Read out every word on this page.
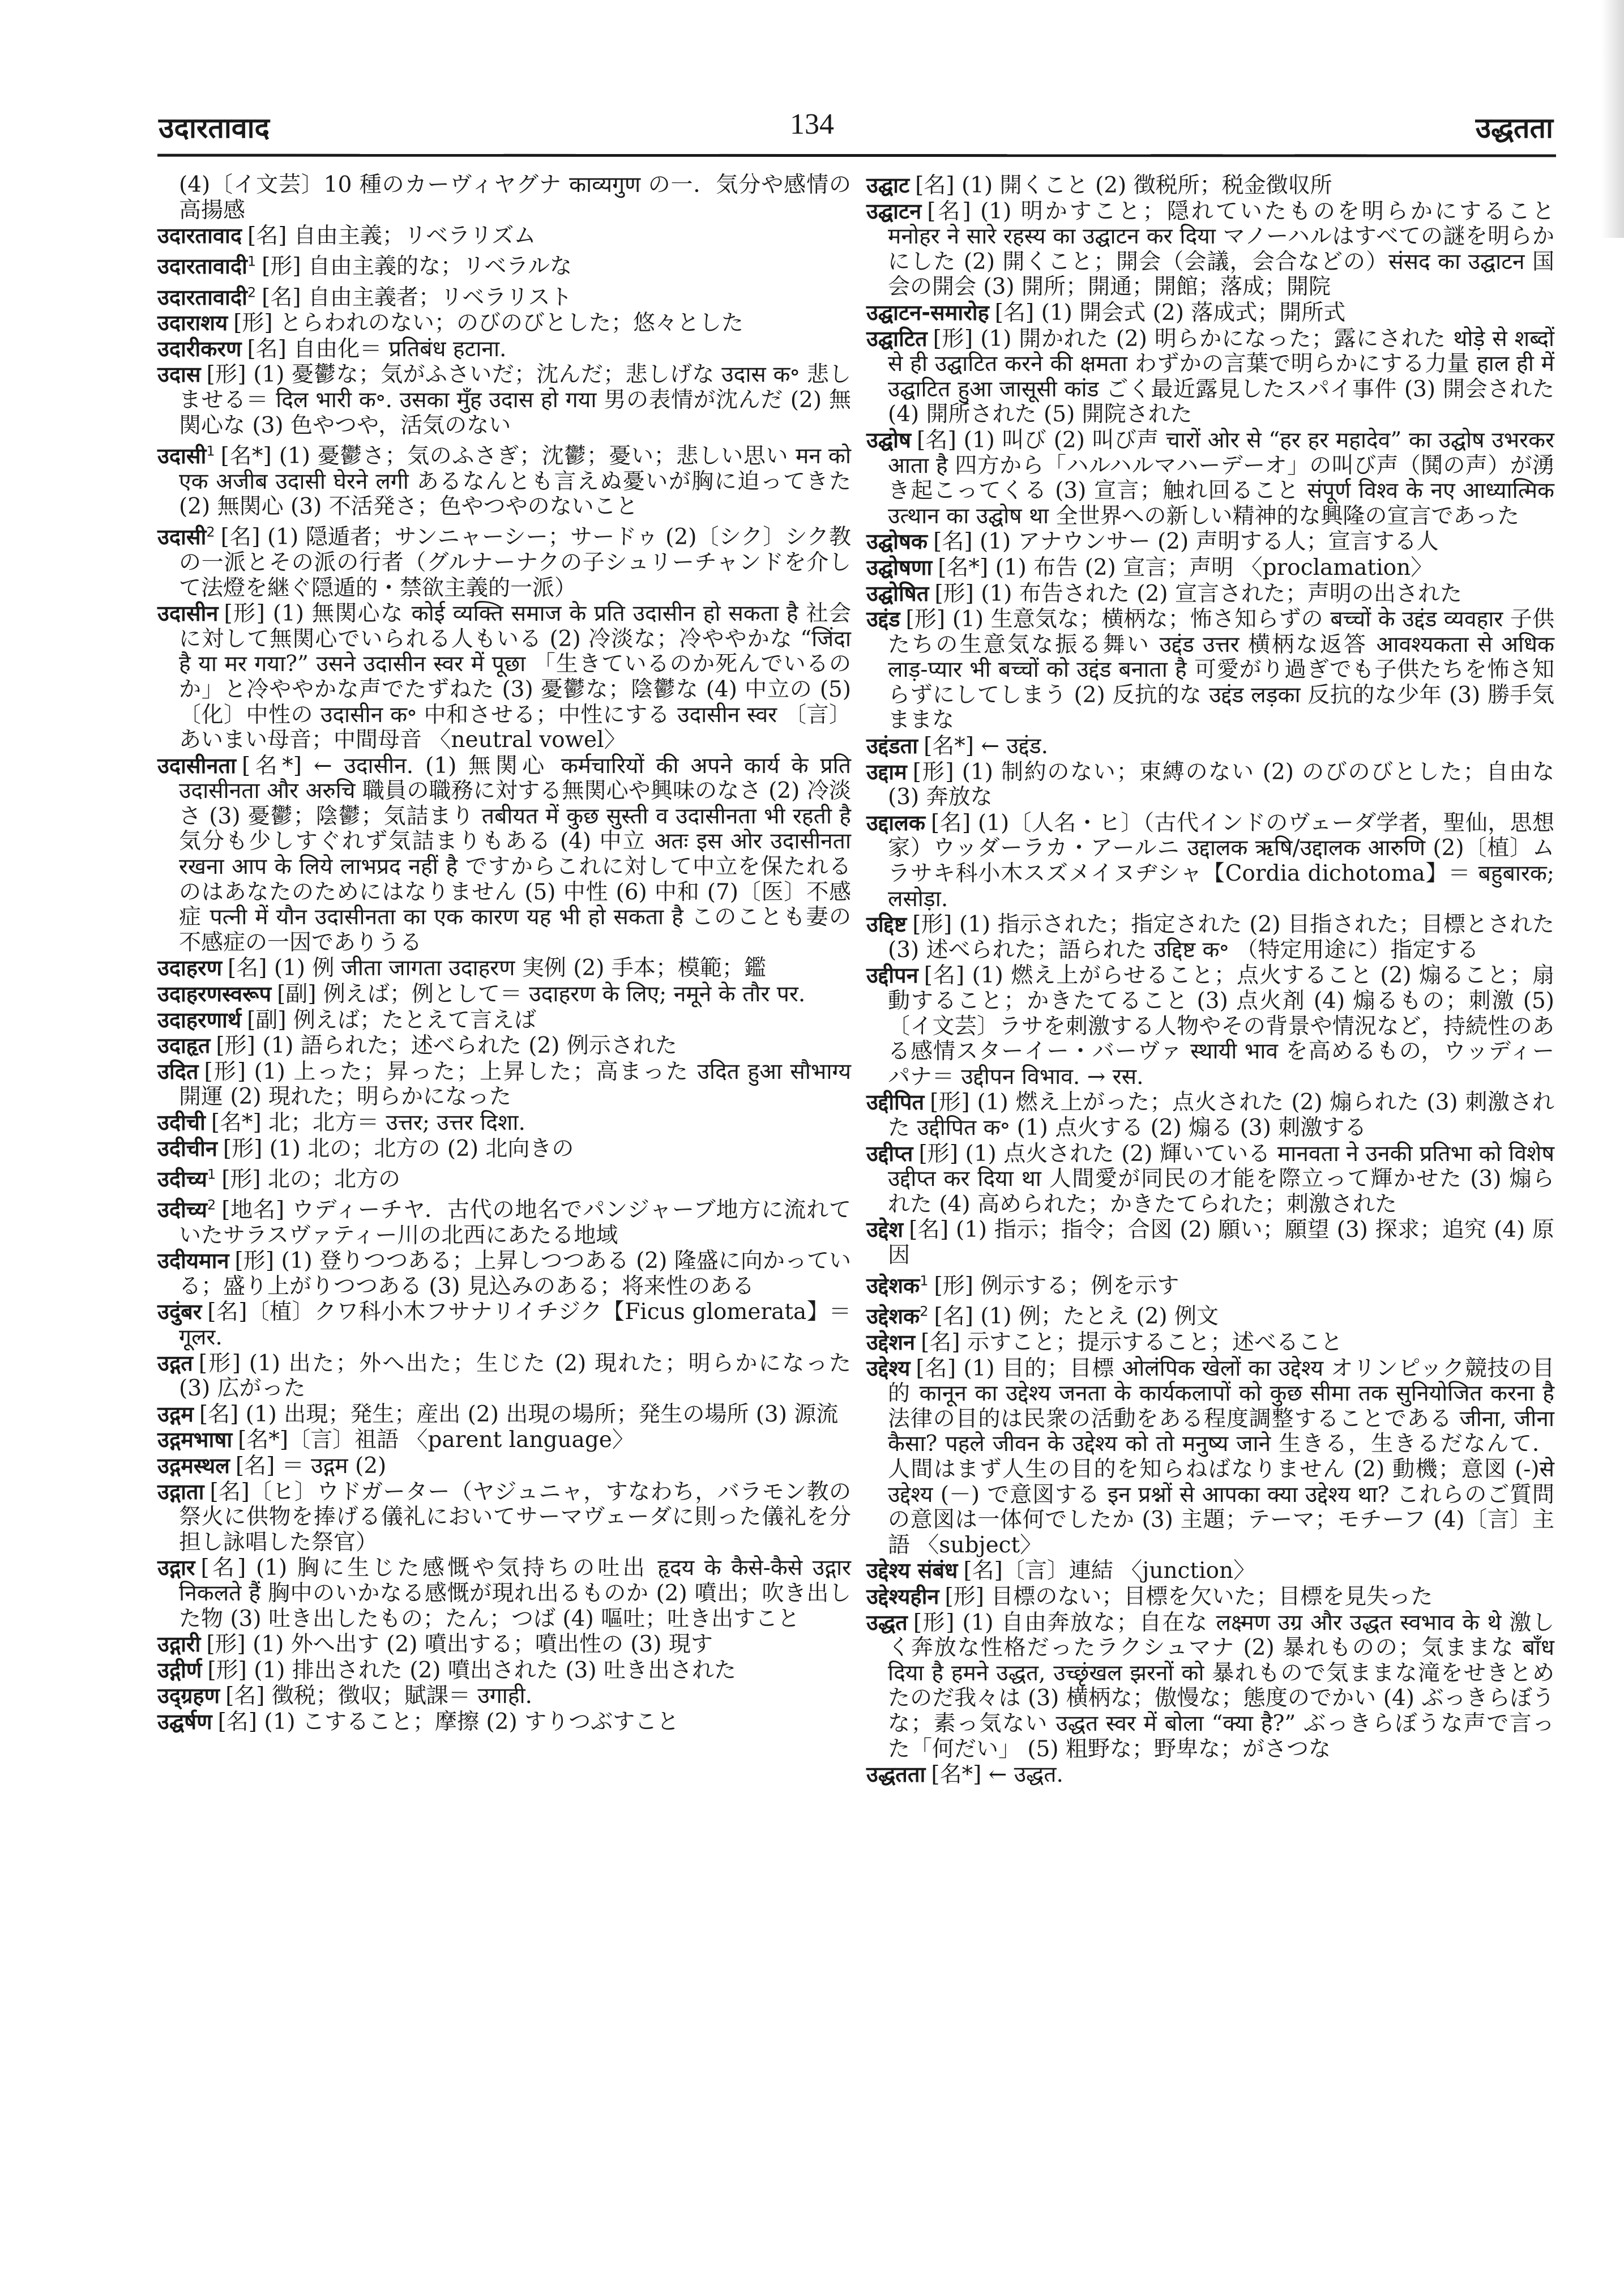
उदारतावाद	134	उद्धतता
(4)〔イ文芸〕10 種のカーヴィヤグナ काव्यगुण の一．気分や感情の高揚感
उदारतावाद [名] 自由主義；リベラリズム
उदारतावादी$^1$ [形] 自由主義的な；リベラルな
उदारतावादी$^2$ [名] 自由主義者；リベラリスト
उदाराशय [形] とらわれのない；のびのびとした；悠々とした
उदारीकरण [名] 自由化＝ प्रतिबंध हटाना.
उदास [形] (1) 憂鬱な；気がふさいだ；沈んだ；悲しげな उदास क॰ 悲しませる＝ दिल भारी क॰. उसका मुँह उदास हो गया 男の表情が沈んだ (2) 無関心な (3) 色やつや，活気のない
उदासी$^1$ [名*] (1) 憂鬱さ；気のふさぎ；沈鬱；憂い；悲しい思い मन को एक अजीब उदासी घेरने लगी あるなんとも言えぬ憂いが胸に迫ってきた (2) 無関心 (3) 不活発さ；色やつやのないこと
उदासी$^2$ [名] (1) 隠遁者；サンニャーシー；サードゥ (2)〔シク〕シク教の一派とその派の行者（グルナーナクの子シュリーチャンドを介して法燈を継ぐ隠遁的・禁欲主義的一派）
उदासीन [形] (1) 無関心な कोई व्यक्ति समाज के प्रति उदासीन हो सकता है 社会に対して無関心でいられる人もいる (2) 冷淡な；冷ややかな “जिंदा है या मर गया?” उसने उदासीन स्वर में पूछा 「生きているのか死んでいるのか」と冷ややかな声でたずねた (3) 憂鬱な；陰鬱な (4) 中立の (5)〔化〕中性の उदासीन क॰ 中和させる；中性にする उदासीन स्वर 〔言〕あいまい母音；中間母音 〈neutral vowel〉
उदासीनता [名*] ← उदासीन. (1) 無関心 कर्मचारियों की अपने कार्य के प्रति उदासीनता और अरुचि 職員の職務に対する無関心や興味のなさ (2) 冷淡さ (3) 憂鬱；陰鬱；気詰まり तबीयत में कुछ सुस्ती व उदासीनता भी रहती है 気分も少しすぐれず気詰まりもある (4) 中立 अतः इस ओर उदासीनता रखना आप के लिये लाभप्रद नहीं है ですからこれに対して中立を保たれるのはあなたのためにはなりません (5) 中性 (6) 中和 (7)〔医〕不感症 पत्नी में यौन उदासीनता का एक कारण यह भी हो सकता है このことも妻の不感症の一因でありうる
उदाहरण [名] (1) 例 जीता जागता उदाहरण 実例 (2) 手本；模範；鑑
उदाहरणस्वरूप [副] 例えば；例として＝ उदाहरण के लिए; नमूने के तौर पर.
उदाहरणार्थ [副] 例えば；たとえて言えば
उदाहृत [形] (1) 語られた；述べられた (2) 例示された
उदित [形] (1) 上った；昇った；上昇した；高まった उदित हुआ सौभाग्य 開運 (2) 現れた；明らかになった
उदीची [名*] 北；北方＝ उत्तर; उत्तर दिशा.
उदीचीन [形] (1) 北の；北方の (2) 北向きの
उदीच्य$^1$ [形] 北の；北方の
उदीच्य$^2$ [地名] ウディーチヤ．古代の地名でパンジャーブ地方に流れていたサラスヴァティー川の北西にあたる地域
उदीयमान [形] (1) 登りつつある；上昇しつつある (2) 隆盛に向かっている；盛り上がりつつある (3) 見込みのある；将来性のある
उदुंबर [名]〔植〕クワ科小木フサナリイチジク【Ficus glomerata】＝ गूलर.
उद्गत [形] (1) 出た；外へ出た；生じた (2) 現れた；明らかになった (3) 広がった
उद्गम [名] (1) 出現；発生；産出 (2) 出現の場所；発生の場所 (3) 源流
उद्गमभाषा [名*]〔言〕祖語 〈parent language〉
उद्गमस्थल [名] ＝ उद्गम (2)
उद्गाता [名]〔ヒ〕ウドガーター（ヤジュニャ，すなわち，バラモン教の祭火に供物を捧げる儀礼においてサーマヴェーダに則った儀礼を分担し詠唱した祭官）
उद्गार [名] (1) 胸に生じた感慨や気持ちの吐出 हृदय के कैसे-कैसे उद्गार निकलते हैं 胸中のいかなる感慨が現れ出るものか (2) 噴出；吹き出した物 (3) 吐き出したもの；たん；つば (4) 嘔吐；吐き出すこと
उद्गारी [形] (1) 外へ出す (2) 噴出する；噴出性の (3) 現す
उद्गीर्ण [形] (1) 排出された (2) 噴出された (3) 吐き出された
उद्ग्रहण [名] 徴税；徴収；賦課＝ उगाही.
उद्घर्षण [名] (1) こすること；摩擦 (2) すりつぶすこと
उद्घाट [名] (1) 開くこと (2) 徴税所；税金徴収所
उद्घाटन [名] (1) 明かすこと；隠れていたものを明らかにすること मनोहर ने सारे रहस्य का उद्घाटन कर दिया マノーハルはすべての謎を明らかにした (2) 開くこと；開会（会議，会合などの）संसद का उद्घाटन 国会の開会 (3) 開所；開通；開館；落成；開院
उद्घाटन-समारोह [名] (1) 開会式 (2) 落成式；開所式
उद्घाटित [形] (1) 開かれた (2) 明らかになった；露にされた थोड़े से शब्दों से ही उद्घाटित करने की क्षमता わずかの言葉で明らかにする力量 हाल ही में उद्घाटित हुआ जासूसी कांड ごく最近露見したスパイ事件 (3) 開会された (4) 開所された (5) 開院された
उद्घोष [名] (1) 叫び (2) 叫び声 चारों ओर से “हर हर महादेव” का उद्घोष उभरकर आता है 四方から「ハルハルマハーデーオ」の叫び声（鬨の声）が湧き起こってくる (3) 宣言；触れ回ること संपूर्ण विश्व के नए आध्यात्मिक उत्थान का उद्घोष था 全世界への新しい精神的な興隆の宣言であった
उद्घोषक [名] (1) アナウンサー (2) 声明する人；宣言する人
उद्घोषणा [名*] (1) 布告 (2) 宣言；声明 〈proclamation〉
उद्घोषित [形] (1) 布告された (2) 宣言された；声明の出された
उद्दंड [形] (1) 生意気な；横柄な；怖さ知らずの बच्चों के उद्दंड व्यवहार 子供たちの生意気な振る舞い उद्दंड उत्तर 横柄な返答 आवश्यकता से अधिक लाड़-प्यार भी बच्चों को उद्दंड बनाता है 可愛がり過ぎでも子供たちを怖さ知らずにしてしまう (2) 反抗的な उद्दंड लड़का 反抗的な少年 (3) 勝手気ままな
उद्दंडता [名*] ← उद्दंड.
उद्दाम [形] (1) 制約のない；束縛のない (2) のびのびとした；自由な (3) 奔放な
उद्दालक [名] (1)〔人名・ヒ〕（古代インドのヴェーダ学者，聖仙，思想家）ウッダーラカ・アールニ उद्दालक ऋषि/उद्दालक आरुणि (2)〔植〕ムラサキ科小木スズメイヌヂシャ【Cordia dichotoma】＝ बहुबारक; लसोड़ा.
उद्दिष्ट [形] (1) 指示された；指定された (2) 目指された；目標とされた (3) 述べられた；語られた उद्दिष्ट क॰ （特定用途に）指定する
उद्दीपन [名] (1) 燃え上がらせること；点火すること (2) 煽ること；扇動すること；かきたてること (3) 点火剤 (4) 煽るもの；刺激 (5)〔イ文芸〕ラサを刺激する人物やその背景や情況など，持続性のある感情スターイー・バーヴァ स्थायी भाव を高めるもの，ウッディーパナ＝ उद्दीपन विभाव. → रस.
उद्दीपित [形] (1) 燃え上がった；点火された (2) 煽られた (3) 刺激された उद्दीपित क॰ (1) 点火する (2) 煽る (3) 刺激する
उद्दीप्त [形] (1) 点火された (2) 輝いている मानवता ने उनकी प्रतिभा को विशेष उद्दीप्त कर दिया था 人間愛が同民の才能を際立って輝かせた (3) 煽られた (4) 高められた；かきたてられた；刺激された
उद्देश [名] (1) 指示；指令；合図 (2) 願い；願望 (3) 探求；追究 (4) 原因
उद्देशक$^1$ [形] 例示する；例を示す
उद्देशक$^2$ [名] (1) 例；たとえ (2) 例文
उद्देशन [名] 示すこと；提示すること；述べること
उद्देश्य [名] (1) 目的；目標 ओलंपिक खेलों का उद्देश्य オリンピック競技の目的 कानून का उद्देश्य जनता के कार्यकलापों को कुछ सीमा तक सुनियोजित करना है 法律の目的は民衆の活動をある程度調整することである जीना, जीना कैसा? पहले जीवन के उद्देश्य को तो मनुष्य जाने 生きる，生きるだなんて．人間はまず人生の目的を知らねばなりません (2) 動機；意図 (-)से उद्देश्य (－) で意図する इन प्रश्नों से आपका क्या उद्देश्य था? これらのご質問の意図は一体何でしたか (3) 主題；テーマ；モチーフ (4)〔言〕主語 〈subject〉
उद्देश्य संबंध [名]〔言〕連結 〈junction〉
उद्देश्यहीन [形] 目標のない；目標を欠いた；目標を見失った
उद्धत [形] (1) 自由奔放な；自在な लक्ष्मण उग्र और उद्धत स्वभाव के थे 激しく奔放な性格だったラクシュマナ (2) 暴れものの；気ままな बाँध दिया है हमने उद्धत, उच्छृंखल झरनों को 暴れもので気ままな滝をせきとめたのだ我々は (3) 横柄な；傲慢な；態度のでかい (4) ぶっきらぼうな；素っ気ない उद्धत स्वर में बोला “क्या है?” ぶっきらぼうな声で言った「何だい」 (5) 粗野な；野卑な；がさつな
उद्धतता [名*] ← उद्धत.
